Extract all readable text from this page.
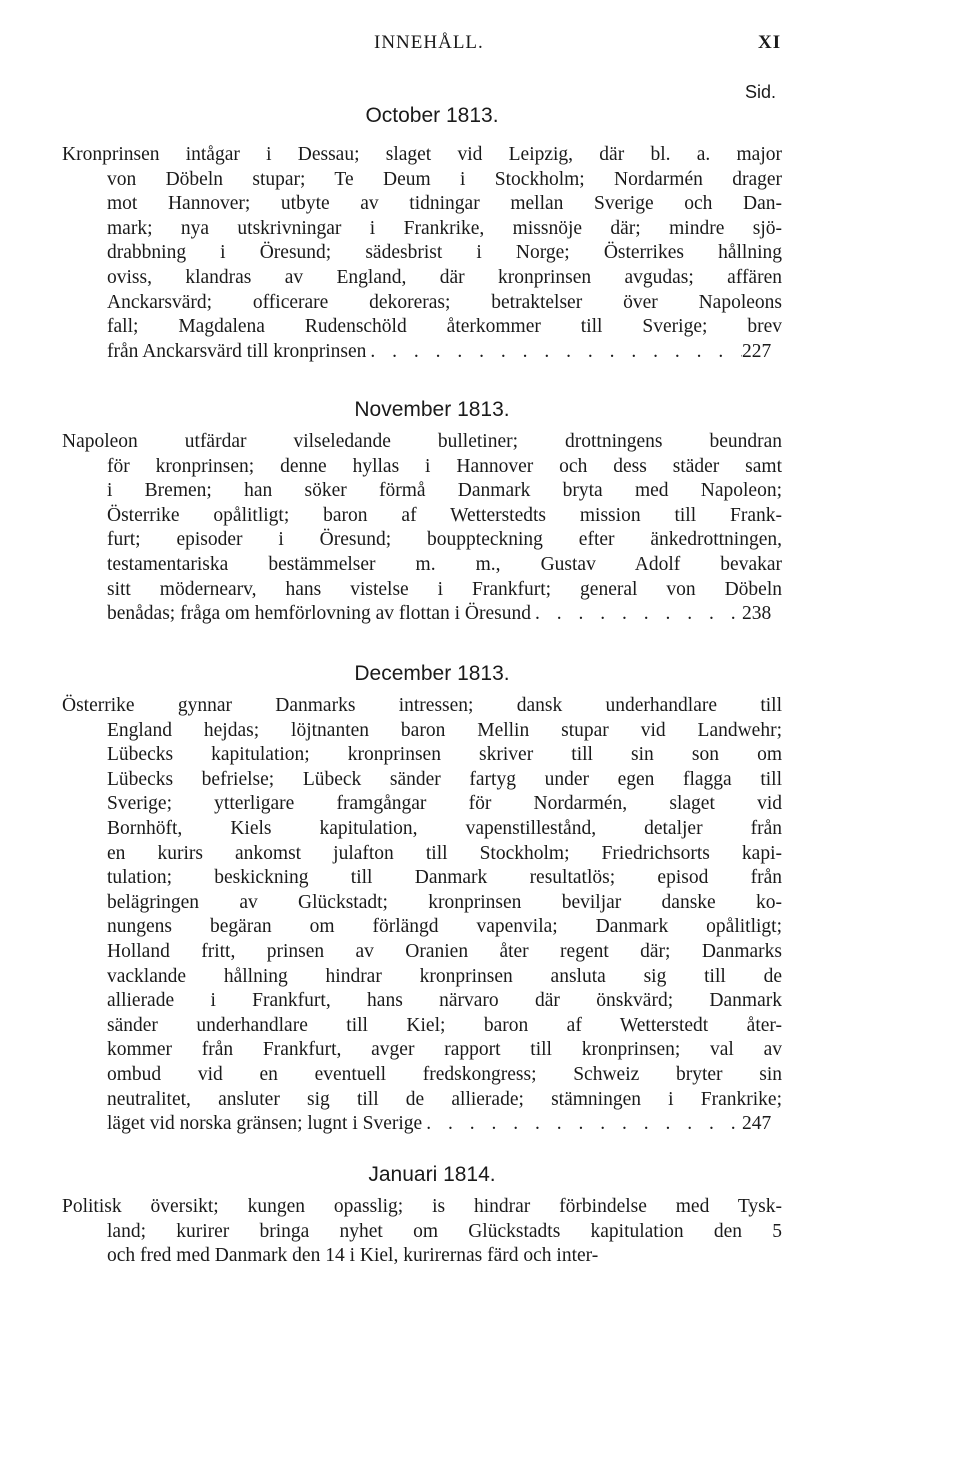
INNEHÅLL.	XI
Sid.
October 1813.
Kronprinsen intågar i Dessau; slaget vid Leipzig, där bl. a. major
von Döbeln stupar; Te Deum i Stockholm; Nordarmén drager
mot Hannover; utbyte av tidningar mellan Sverige och Dan-
mark; nya utskrivningar i Frankrike, missnöje där; mindre sjö-
drabbning i Öresund; sädesbrist i Norge; Österrikes hållning
oviss, klandras av England, där kronprinsen avgudas; affären
Anckarsvärd; officerare dekoreras; betraktelser över Napoleons
fall; Magdalena Rudenschöld återkommer till Sverige; brev
från Anckarsvärd till kronprinsen . . .	227
November 1813.
Napoleon utfärdar vilseledande bulletiner; drottningens beundran
för kronprinsen; denne hyllas i Hannover och dess städer samt
i Bremen; han söker förmå Danmark bryta med Napoleon;
Österrike opålitligt; baron af Wetterstedts mission till Frank-
furt; episoder i Öresund; bouppteckning efter änkedrottningen,
testamentariska bestämmelser m. m., Gustav Adolf bevakar
sitt mödernearv, hans vistelse i Frankfurt; general von Döbeln
benådas; fråga om hemförlovning av flottan i Öresund . . .	238
December 1813.
Österrike gynnar Danmarks intressen; dansk underhandlare till
England hejdas; löjtnanten baron Mellin stupar vid Landwehr;
Lübecks kapitulation; kronprinsen skriver till sin son om
Lübecks befrielse; Lübeck sänder fartyg under egen flagga till
Sverige; ytterligare framgångar för Nordarmén, slaget vid
Bornhöft, Kiels kapitulation, vapenstillestånd, detaljer från
en kurirs ankomst julafton till Stockholm; Friedrichsorts kapi-
tulation; beskickning till Danmark resultatlös; episod från
belägringen av Glückstadt; kronprinsen beviljar danske ko-
nungens begäran om förlängd vapenvila; Danmark opålitligt;
Holland fritt, prinsen av Oranien åter regent där; Danmarks
vacklande hållning hindrar kronprinsen ansluta sig till de
allierade i Frankfurt, hans närvaro där önskvärd; Danmark
sänder underhandlare till Kiel; baron af Wetterstedt åter-
kommer från Frankfurt, avger rapport till kronprinsen; val av
ombud vid en eventuell fredskongress; Schweiz bryter sin
neutralitet, ansluter sig till de allierade; stämningen i Frankrike;
läget vid norska gränsen; lugnt i Sverige . . .	247
Januari 1814.
Politisk översikt; kungen opasslig; is hindrar förbindelse med Tysk-
land; kurirer bringa nyhet om Glückstadts kapitulation den 5
och fred med Danmark den 14 i Kiel, kurirernas färd och inter-
